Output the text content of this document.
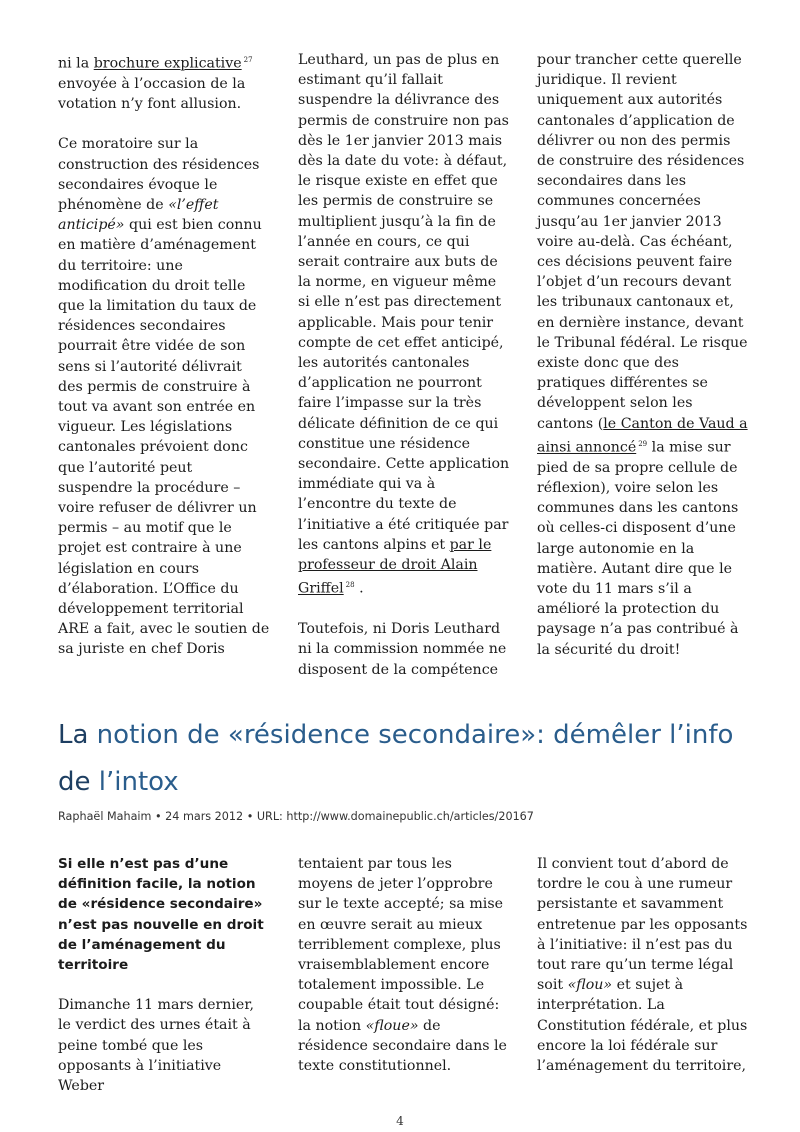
ni la brochure explicative $^{27}$ envoyée à l’occasion de la votation n’y font allusion.

Ce moratoire sur la construction des résidences secondaires évoque le phénomène de «l’effet anticipé» qui est bien connu en matière d’aménagement du territoire: une modification du droit telle que la limitation du taux de résidences secondaires pourrait être vidée de son sens si l’autorité délivrait des permis de construire à tout va avant son entrée en vigueur. Les législations cantonales prévoient donc que l’autorité peut suspendre la procédure – voire refuser de délivrer un permis – au motif que le projet est contraire à une législation en cours d’élaboration. L’Office du développement territorial ARE a fait, avec le soutien de sa juriste en chef Doris

Leuthard, un pas de plus en estimant qu’il fallait suspendre la délivrance des permis de construire non pas dès le 1er janvier 2013 mais dès la date du vote: à défaut, le risque existe en effet que les permis de construire se multiplient jusqu’à la fin de l’année en cours, ce qui serait contraire aux buts de la norme, en vigueur même si elle n’est pas directement applicable. Mais pour tenir compte de cet effet anticipé, les autorités cantonales d’application ne pourront faire l’impasse sur la très délicate définition de ce qui constitue une résidence secondaire. Cette application immédiate qui va à l’encontre du texte de l’initiative a été critiquée par les cantons alpins et par le professeur de droit Alain Griffel $^{28}$ .

Toutefois, ni Doris Leuthard ni la commission nommée ne disposent de la compétence

pour trancher cette querelle juridique. Il revient uniquement aux autorités cantonales d’application de délivrer ou non des permis de construire des résidences secondaires dans les communes concernées jusqu’au 1er janvier 2013 voire au-delà. Cas échéant, ces décisions peuvent faire l’objet d’un recours devant les tribunaux cantonaux et, en dernière instance, devant le Tribunal fédéral. Le risque existe donc que des pratiques différentes se développent selon les cantons (le Canton de Vaud a ainsi annoncé $^{29}$ la mise sur pied de sa propre cellule de réflexion), voire selon les communes dans les cantons où celles-ci disposent d’une large autonomie en la matière. Autant dire que le vote du 11 mars s’il a amélioré la protection du paysage n’a pas contribué à la sécurité du droit!

La notion de «résidence secondaire»: démêler l’info de l’intox
Raphaël Mahaim • 24 mars 2012 • URL: http://www.domainepublic.ch/articles/20167

Si elle n’est pas d’une définition facile, la notion de «résidence secondaire» n’est pas nouvelle en droit de l’aménagement du territoire

Dimanche 11 mars dernier, le verdict des urnes était à peine tombé que les opposants à l’initiative Weber

tentaient par tous les moyens de jeter l’opprobre sur le texte accepté; sa mise en œuvre serait au mieux terriblement complexe, plus vraisemblablement encore totalement impossible. Le coupable était tout désigné: la notion «floue» de résidence secondaire dans le texte constitutionnel.

Il convient tout d’abord de tordre le cou à une rumeur persistante et savamment entretenue par les opposants à l’initiative: il n’est pas du tout rare qu’un terme légal soit «flou» et sujet à interprétation. La Constitution fédérale, et plus encore la loi fédérale sur l’aménagement du territoire,

4
